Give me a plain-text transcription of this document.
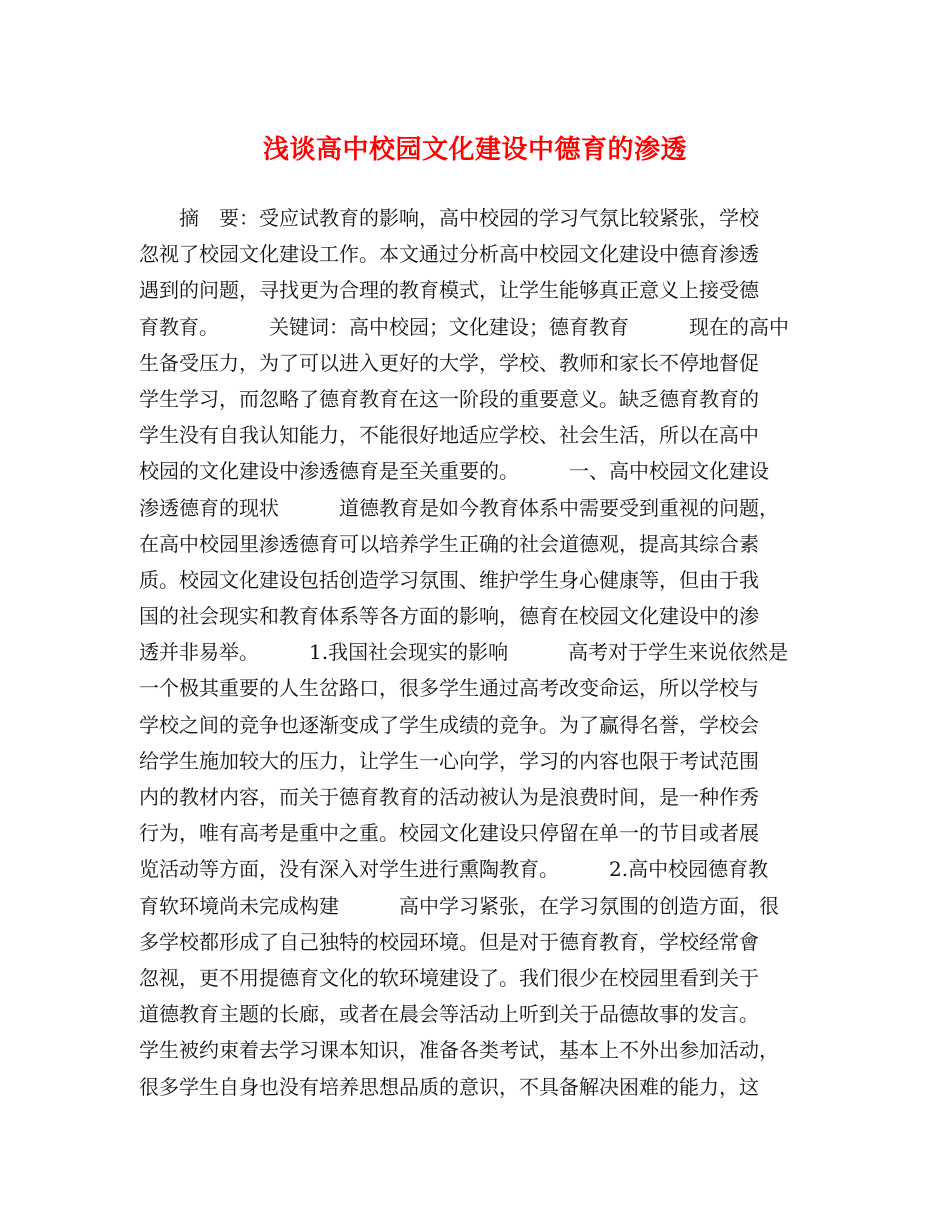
浅谈高中校园文化建设中德育的渗透
　　摘　要：受应试教育的影响，高中校园的学习气氛比较紧张，学校
忽视了校园文化建设工作。本文通过分析高中校园文化建设中德育渗透
遇到的问题，寻找更为合理的教育模式，让学生能够真正意义上接受德
育教育。　　　关键词：高中校园；文化建设；德育教育　　　现在的高中
生备受压力，为了可以进入更好的大学，学校、教师和家长不停地督促
学生学习，而忽略了德育教育在这一阶段的重要意义。缺乏德育教育的
学生没有自我认知能力，不能很好地适应学校、社会生活，所以在高中
校园的文化建设中渗透德育是至关重要的。　　　一、高中校园文化建设
渗透德育的现状　　　道德教育是如今教育体系中需要受到重视的问题，
在高中校园里渗透德育可以培养学生正确的社会道德观，提高其综合素
质。校园文化建设包括创造学习氛围、维护学生身心健康等，但由于我
国的社会现实和教育体系等各方面的影响，德育在校园文化建设中的渗
透并非易举。　　　1.我国社会现实的影响　　　高考对于学生来说依然是
一个极其重要的人生岔路口，很多学生通过高考改变命运，所以学校与
学校之间的竞争也逐渐变成了学生成绩的竞争。为了赢得名誉，学校会
给学生施加较大的压力，让学生一心向学，学习的内容也限于考试范围
内的教材内容，而关于德育教育的活动被认为是浪费时间，是一种作秀
行为，唯有高考是重中之重。校园文化建设只停留在单一的节目或者展
览活动等方面，没有深入对学生进行熏陶教育。　　　2.高中校园德育教
育软环境尚未完成构建　　　高中学习紧张，在学习氛围的创造方面，很
多学校都形成了自己独特的校园环境。但是对于德育教育，学校经常會
忽视，更不用提德育文化的软环境建设了。我们很少在校园里看到关于
道德教育主题的长廊，或者在晨会等活动上听到关于品德故事的发言。
学生被约束着去学习课本知识，准备各类考试，基本上不外出参加活动，
很多学生自身也没有培养思想品质的意识，不具备解决困难的能力，这
